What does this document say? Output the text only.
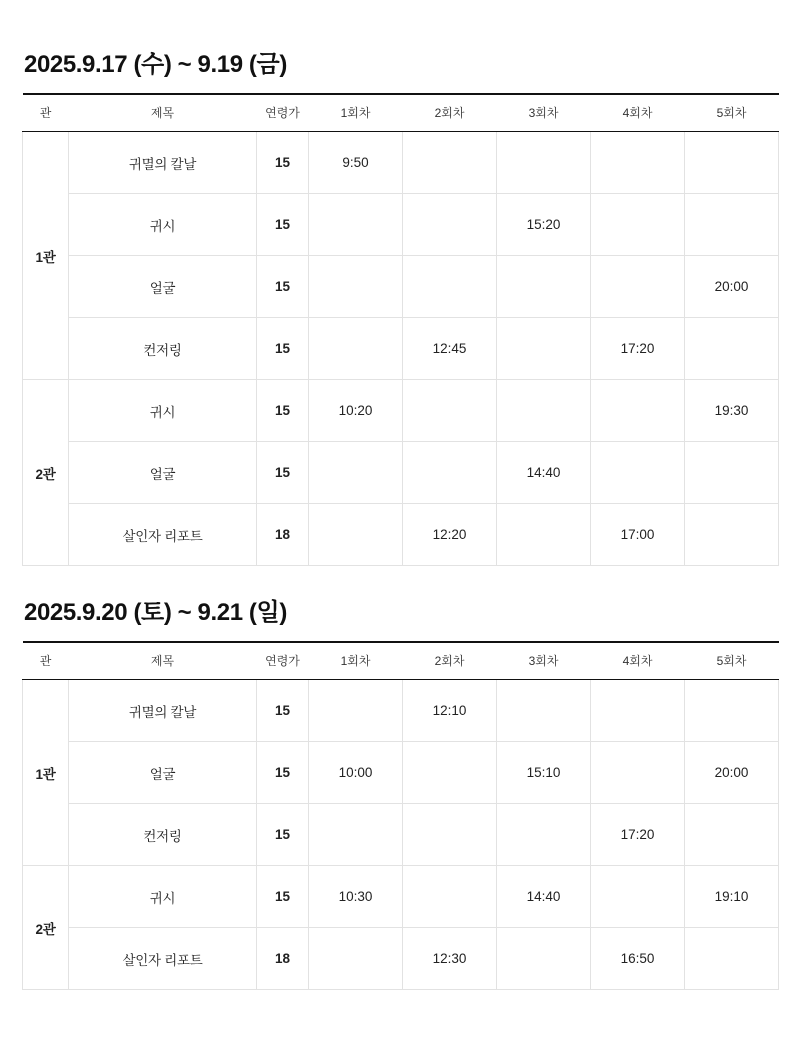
2025.9.17 (수) ~ 9.19 (금)
관	제목	연령가	1회차	2회차	3회차	4회차	5회차
1관	귀멸의 칼날	15	9:50				
	귀시	15			15:20		
	얼굴	15					20:00
	컨저링	15		12:45		17:20	
2관	귀시	15	10:20				19:30
	얼굴	15			14:40		
	살인자 리포트	18		12:20		17:00	
2025.9.20 (토) ~ 9.21 (일)
관	제목	연령가	1회차	2회차	3회차	4회차	5회차
1관	귀멸의 칼날	15		12:10			
	얼굴	15	10:00		15:10		20:00
	컨저링	15				17:20	
2관	귀시	15	10:30		14:40		19:10
	살인자 리포트	18		12:30		16:50	
